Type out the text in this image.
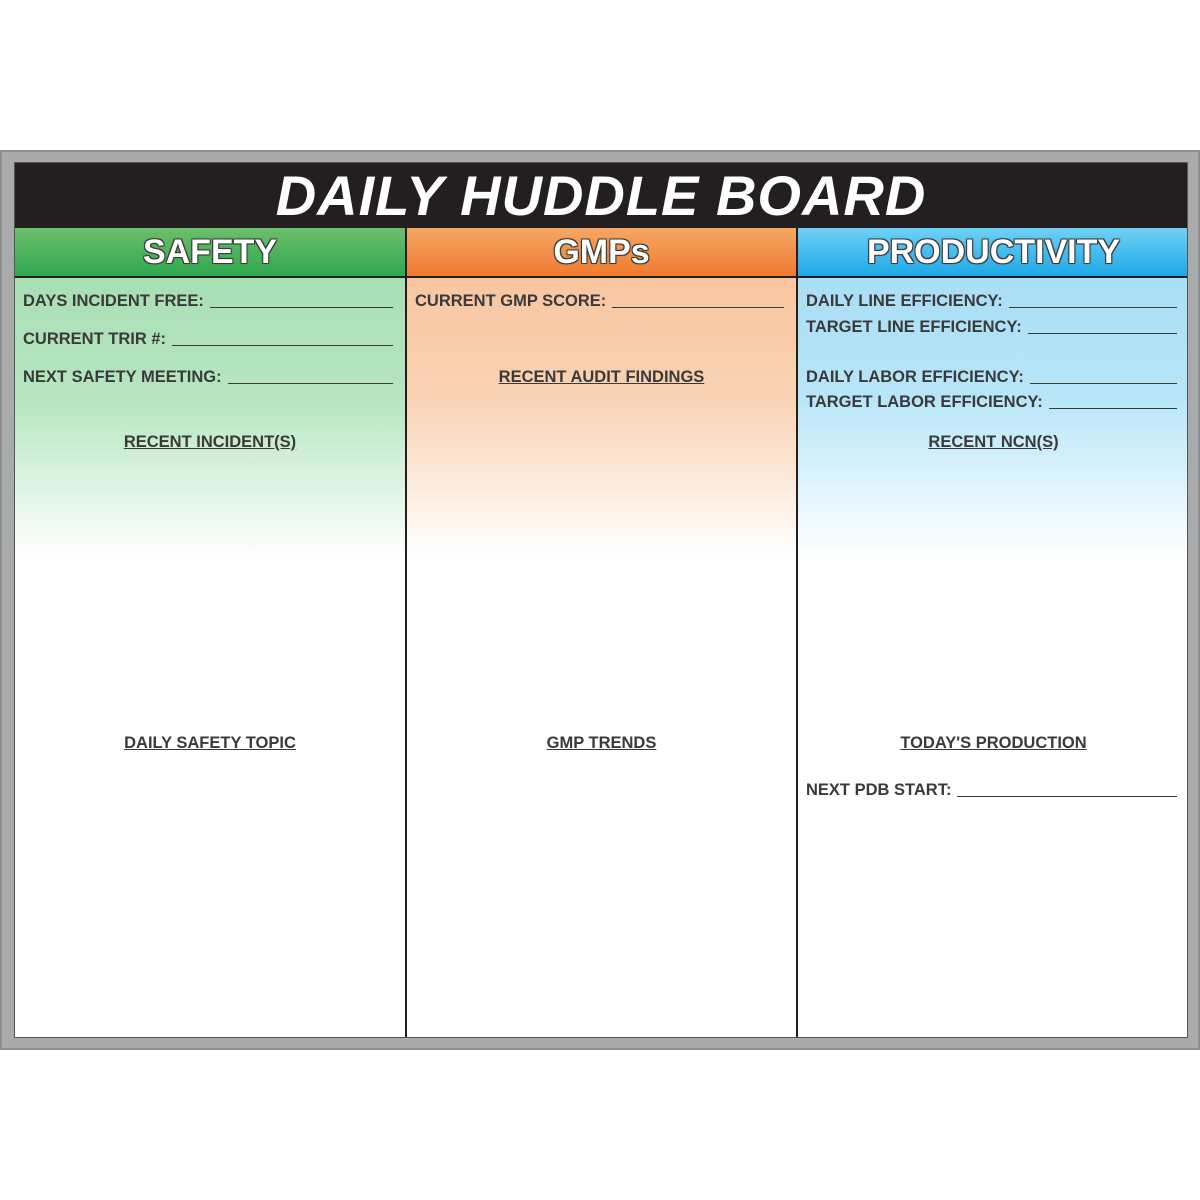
DAILY HUDDLE BOARD
SAFETY
DAYS INCIDENT FREE:
CURRENT TRIR #:
NEXT SAFETY MEETING:
RECENT INCIDENT(S)
DAILY SAFETY TOPIC
GMPs
CURRENT GMP SCORE:
RECENT AUDIT FINDINGS
GMP TRENDS
PRODUCTIVITY
DAILY LINE EFFICIENCY:
TARGET LINE EFFICIENCY:
DAILY LABOR EFFICIENCY:
TARGET LABOR EFFICIENCY:
RECENT NCN(S)
TODAY'S PRODUCTION
NEXT PDB START:
